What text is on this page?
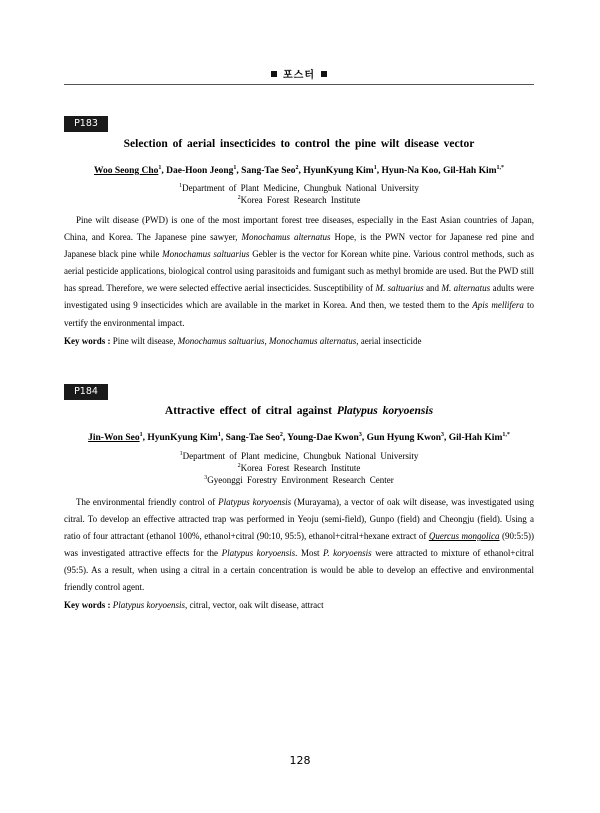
포스터
P183
Selection of aerial insecticides to control the pine wilt disease vector
Woo Seong Cho$^1$, Dae-Hoon Jeong$^1$, Sang-Tae Seo$^2$, HyunKyung Kim$^1$, Hyun-Na Koo, Gil-Hah Kim$^{1,*}$
$^1$Department of Plant Medicine, Chungbuk National University
$^2$Korea Forest Research Institute

Pine wilt disease (PWD) is one of the most important forest tree diseases, especially in the East Asian countries of Japan, China, and Korea. The Japanese pine sawyer, Monochamus alternatus Hope, is the PWN vector for Japanese red pine and Japanese black pine while Monochamus saltuarius Gebler is the vector for Korean white pine. Various control methods, such as aerial pesticide applications, biological control using parasitoids and fumigant such as methyl bromide are used. But the PWD still has spread. Therefore, we were selected effective aerial insecticides. Susceptibility of M. saltuarius and M. alternatus adults were investigated using 9 insecticides which are available in the market in Korea. And then, we tested them to the Apis mellifera to vertify the environmental impact.

Key words : Pine wilt disease, Monochamus saltuarius, Monochamus alternatus, aerial insecticide
P184
Attractive effect of citral against Platypus koryoensis
Jin-Won Seo$^1$, HyunKyung Kim$^1$, Sang-Tae Seo$^2$, Young-Dae Kwon$^3$, Gun Hyung Kwon$^3$, Gil-Hah Kim$^{1,*}$
$^1$Department of Plant medicine, Chungbuk National University
$^2$Korea Forest Research Institute
$^3$Gyeonggi Forestry Environment Research Center

The environmental friendly control of Platypus koryoensis (Murayama), a vector of oak wilt disease, was investigated using citral. To develop an effective attracted trap was performed in Yeoju (semi-field), Gunpo (field) and Cheongju (field). Using a ratio of four attractant (ethanol 100%, ethanol+citral (90:10, 95:5), ethanol+citral+hexane extract of Quercus mongolica (90:5:5)) was investigated attractive effects for the Platypus koryoensis. Most P. koryoensis were attracted to mixture of ethanol+citral (95:5). As a result, when using a citral in a certain concentration is would be able to develop an effective and environmental friendly control agent.

Key words : Platypus koryoensis, citral, vector, oak wilt disease, attract
128
